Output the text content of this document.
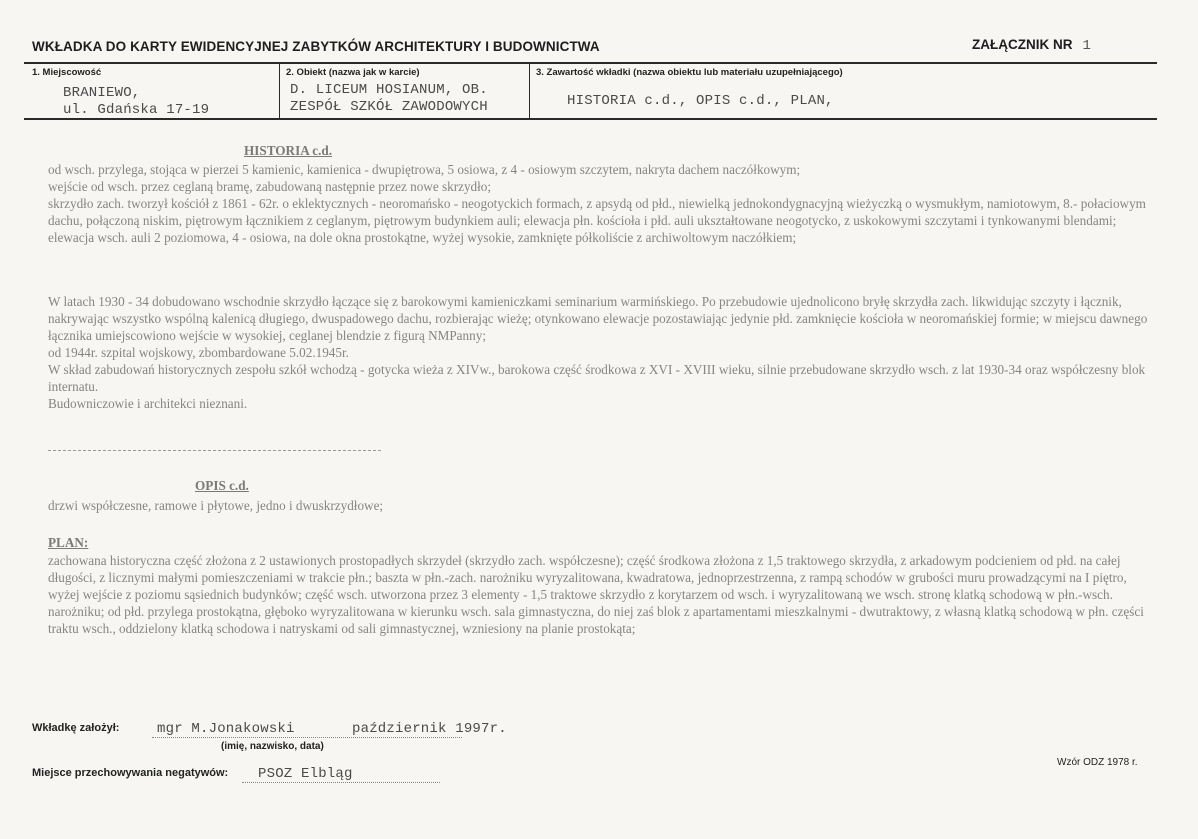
WKŁADKA DO KARTY EWIDENCYJNEJ ZABYTKÓW ARCHITEKTURY I BUDOWNICTWA	ZAŁĄCZNIK NR 1
1. Miejscowość
BRANIEWO,
ul. Gdańska 17-19
2. Obiekt (nazwa jak w karcie)
D. LICEUM HOSIANUM, OB.
ZESPÓŁ SZKÓŁ ZAWODOWYCH
3. Zawartość wkładki (nazwa obiektu lub materiału uzupełniającego)
HISTORIA c.d., OPIS c.d., PLAN,
HISTORIA c.d.

od wsch. przylega, stojąca w pierzei 5 kamienic, kamienica - dwupiętrowa, 5 osiowa, z 4 - osiowym szczytem, nakryta dachem naczółkowym;

wejście od wsch. przez ceglaną bramę, zabudowaną następnie przez nowe skrzydło;

skrzydło zach. tworzył kościół z 1861 - 62r. o eklektycznych - neoromańsko - neogotyckich formach, z apsydą od płd., niewielką jednokondygnacyjną wieżyczką o wysmukłym, namiotowym, 8.- połaciowym dachu, połączoną niskim, piętrowym łącznikiem z ceglanym, piętrowym budynkiem auli; elewacja płn. kościoła i płd. auli ukształtowane neogotycko, z uskokowymi szczytami i tynkowanymi blendami; elewacja wsch. auli 2 poziomowa, 4 - osiowa, na dole okna prostokątne, wyżej wysokie, zamknięte półkoliście z archiwoltowym naczółkiem;

W latach 1930 - 34 dobudowano wschodnie skrzydło łączące się z barokowymi kamieniczkami seminarium warmińskiego. Po przebudowie ujednolicono bryłę skrzydła zach. likwidując szczyty i łącznik, nakrywając wszystko wspólną kalenicą długiego, dwuspadowego dachu, rozbierając wieżę; otynkowano elewacje pozostawiając jedynie płd. zamknięcie kościoła w neoromańskiej formie; w miejscu dawnego łącznika umiejscowiono wejście w wysokiej, ceglanej blendzie z figurą NMPanny;

od 1944r. szpital wojskowy, zbombardowane 5.02.1945r.

W skład zabudowań historycznych zespołu szkół wchodzą - gotycka wieża z XIVw., barokowa część środkowa z XVI - XVIII wieku, silnie przebudowane skrzydło wsch. z lat 1930-34 oraz współczesny blok internatu.

Budowniczowie i architekci nieznani.

OPIS c.d.
drzwi współczesne, ramowe i płytowe, jedno i dwuskrzydłowe;
PLAN:
zachowana historyczna część złożona z 2 ustawionych prostopadłych skrzydeł (skrzydło zach. współczesne); część środkowa złożona z 1,5 traktowego skrzydła, z arkadowym podcieniem od płd. na całej długości, z licznymi małymi pomieszczeniami w trakcie płn.; baszta w płn.-zach. narożniku wyryzalitowana, kwadratowa, jednoprzestrzenna, z rampą schodów w grubości muru prowadzącymi na I piętro, wyżej wejście z poziomu sąsiednich budynków; część wsch. utworzona przez 3 elementy - 1,5 traktowe skrzydło z korytarzem od wsch. i wyryzalitowaną we wsch. stronę klatką schodową w płn.-wsch. narożniku; od płd. przylega prostokątna, głęboko wyryzalitowana w kierunku wsch. sala gimnastyczna, do niej zaś blok z apartamentami mieszkalnymi - dwutraktowy, z własną klatką schodową w płn. części traktu wsch., oddzielony klatką schodowa i natryskami od sali gimnastycznej, wzniesiony na planie prostokąta;
Wkładkę założył:	mgr M.Jonakowski	październik 1997r.
(imię, nazwisko, data)
Miejsce przechowywania negatywów: PSOZ Elbląg
Wzór ODZ 1978 r.
